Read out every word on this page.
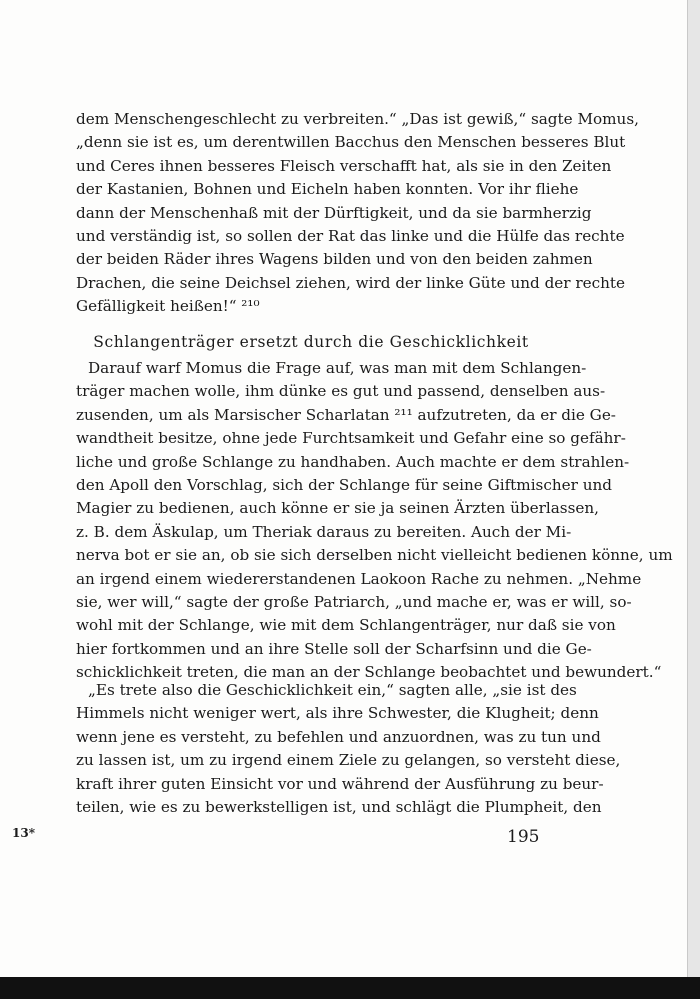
dem Menschengeschlecht zu verbreiten.“ „Das ist gewiß,“ sagte Momus,
„denn sie ist es, um derentwillen Bacchus den Menschen besseres Blut
und Ceres ihnen besseres Fleisch verschafft hat, als sie in den Zeiten
der Kastanien, Bohnen und Eicheln haben konnten. Vor ihr fliehe
dann der Menschenhaß mit der Dürftigkeit, und da sie barmherzig
und verständig ist, so sollen der Rat das linke und die Hülfe das rechte
der beiden Räder ihres Wagens bilden und von den beiden zahmen
Drachen, die seine Deichsel ziehen, wird der linke Güte und der rechte
Gefälligkeit heißen!“ ²¹⁰
Schlangenträger ersetzt durch die Geschicklichkeit
Darauf warf Momus die Frage auf, was man mit dem Schlangen-
träger machen wolle, ihm dünke es gut und passend, denselben aus-
zusenden, um als Marsischer Scharlatan ²¹¹ aufzutreten, da er die Ge-
wandtheit besitze, ohne jede Furchtsamkeit und Gefahr eine so gefähr-
liche und große Schlange zu handhaben. Auch machte er dem strahlen-
den Apoll den Vorschlag, sich der Schlange für seine Giftmischer und
Magier zu bedienen, auch könne er sie ja seinen Ärzten überlassen,
z. B. dem Äskulap, um Theriak daraus zu bereiten. Auch der Mi-
nerva bot er sie an, ob sie sich derselben nicht vielleicht bedienen könne, um
an irgend einem wiedererstandenen Laokoon Rache zu nehmen. „Nehme
sie, wer will,“ sagte der große Patriarch, „und mache er, was er will, so-
wohl mit der Schlange, wie mit dem Schlangenträger, nur daß sie von
hier fortkommen und an ihre Stelle soll der Scharfsinn und die Ge-
schicklichkeit treten, die man an der Schlange beobachtet und bewundert.“
„Es trete also die Geschicklichkeit ein,“ sagten alle, „sie ist des
Himmels nicht weniger wert, als ihre Schwester, die Klugheit; denn
wenn jene es versteht, zu befehlen und anzuordnen, was zu tun und
zu lassen ist, um zu irgend einem Ziele zu gelangen, so versteht diese,
kraft ihrer guten Einsicht vor und während der Ausführung zu beur-
teilen, wie es zu bewerkstelligen ist, und schlägt die Plumpheit, den
13*	195
